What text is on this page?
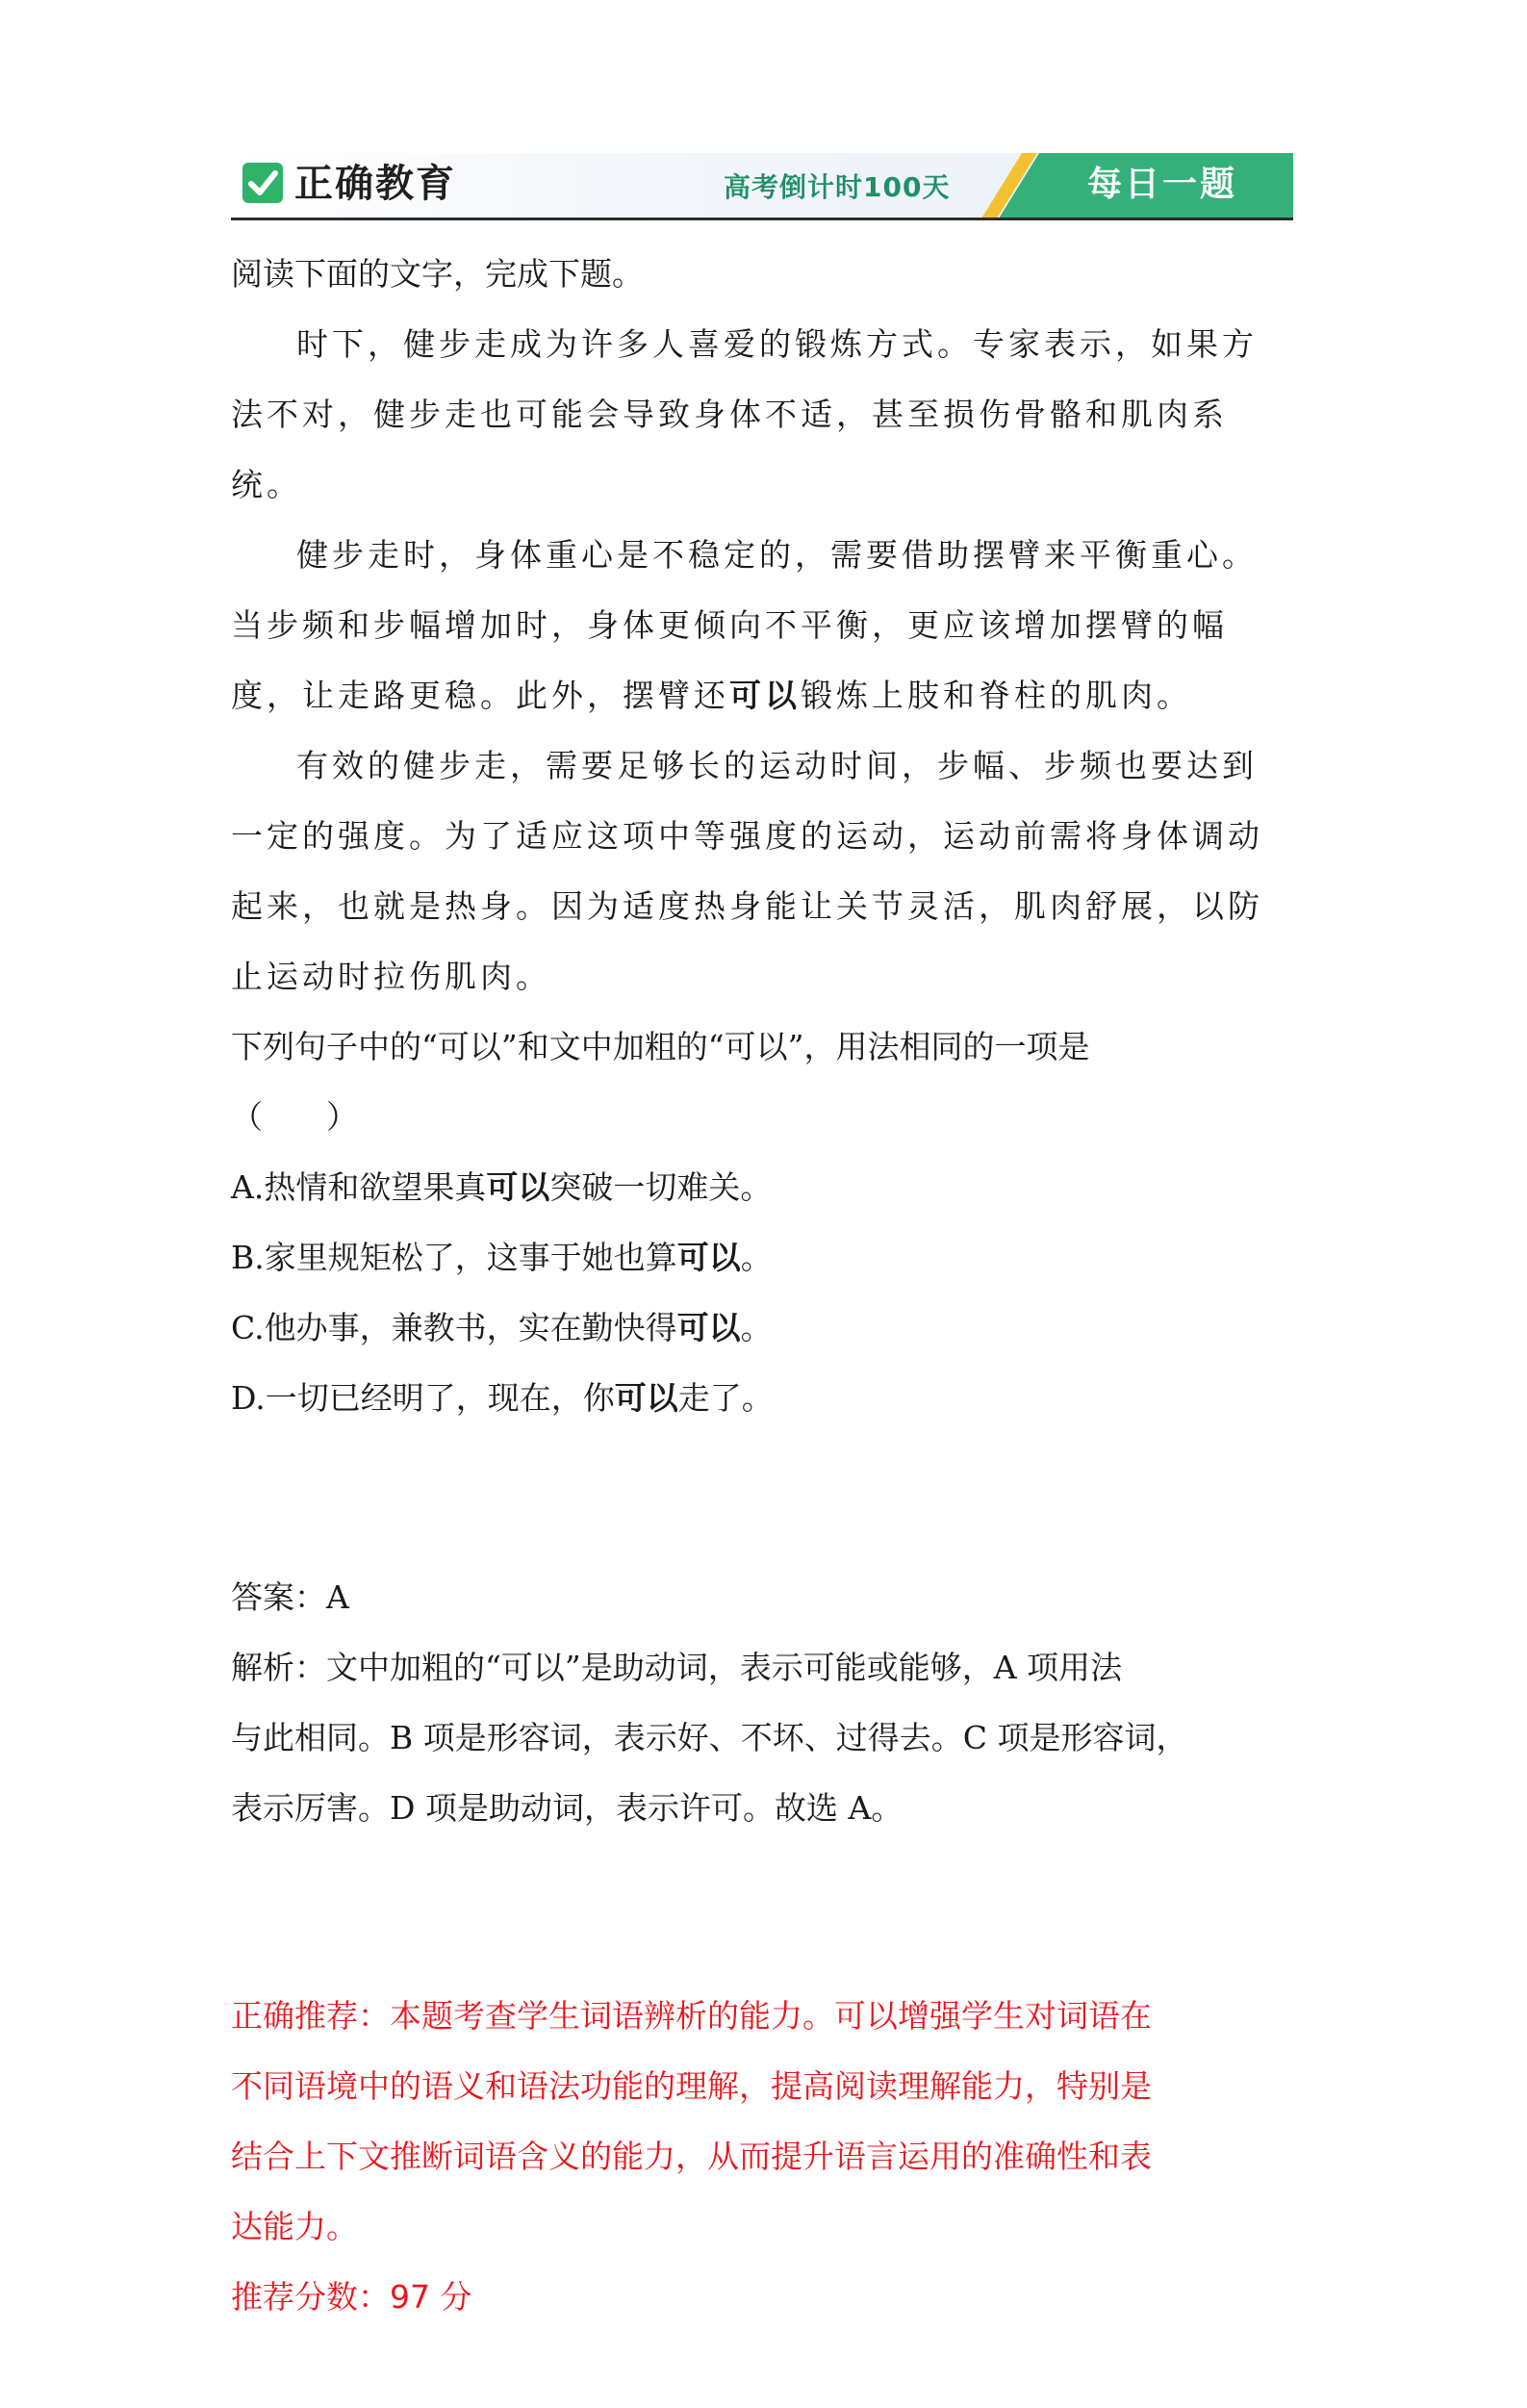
正确教育	高考倒计时100天	每日一题
阅读下面的文字，完成下题。

时下，健步走成为许多人喜爱的锻炼方式。专家表示，如果方法不对，健步走也可能会导致身体不适，甚至损伤骨骼和肌肉系统。

健步走时，身体重心是不稳定的，需要借助摆臂来平衡重心。当步频和步幅增加时，身体更倾向不平衡，更应该增加摆臂的幅度，让走路更稳。此外，摆臂还可以锻炼上肢和脊柱的肌肉。

有效的健步走，需要足够长的运动时间，步幅、步频也要达到一定的强度。为了适应这项中等强度的运动，运动前需将身体调动起来，也就是热身。因为适度热身能让关节灵活，肌肉舒展，以防止运动时拉伤肌肉。

下列句子中的“可以”和文中加粗的“可以”，用法相同的一项是
（　　）
A.热情和欲望果真可以突破一切难关。
B.家里规矩松了，这事于她也算可以。
C.他办事，兼教书，实在勤快得可以。
D.一切已经明了，现在，你可以走了。
答案：A
解析：文中加粗的“可以”是助动词，表示可能或能够，A 项用法
与此相同。B 项是形容词，表示好、不坏、过得去。C 项是形容词，
表示厉害。D 项是助动词，表示许可。故选 A。
正确推荐：本题考查学生词语辨析的能力。可以增强学生对词语在
不同语境中的语义和语法功能的理解，提高阅读理解能力，特别是
结合上下文推断词语含义的能力，从而提升语言运用的准确性和表
达能力。
推荐分数：97 分
